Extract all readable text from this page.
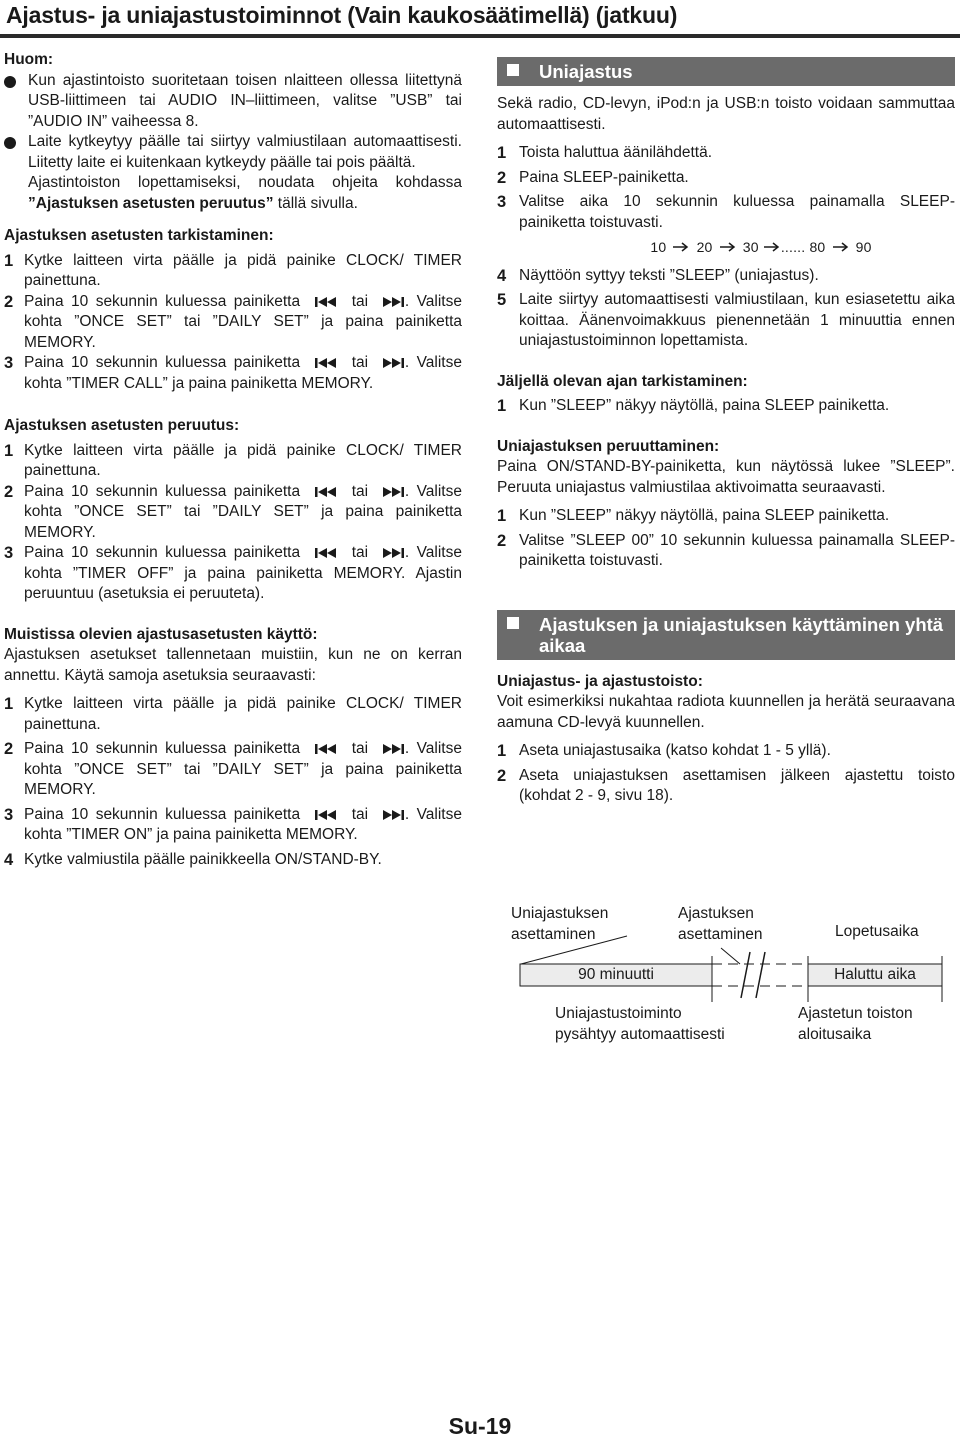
Ajastus- ja uniajastustoiminnot (Vain kaukosäätimellä) (jatkuu)
Huom:
Kun ajastintoisto suoritetaan toisen nlaitteen ollessa liitettynä USB-liittimeen tai AUDIO IN–liittimeen, valitse ”USB” tai ”AUDIO IN” vaiheessa 8.
Laite kytkeytyy päälle tai siirtyy valmiustilaan automaattisesti. Liitetty laite ei kuitenkaan kytkeydy päälle tai pois päältä.
Ajastintoiston lopettamiseksi, noudata ohjeita kohdassa ”Ajastuksen asetusten peruutus” tällä sivulla.
Ajastuksen asetusten tarkistaminen:
1 Kytke laitteen virta päälle ja pidä painike CLOCK/ TIMER painettuna.
2 Paina 10 sekunnin kuluessa painiketta	tai . Valitse kohta ”ONCE SET” tai ”DAILY SET” ja paina painiketta MEMORY.
3 Paina 10 sekunnin kuluessa painiketta	tai . Valitse kohta ”TIMER CALL” ja paina painiketta MEMORY.
Ajastuksen asetusten peruutus:
1 Kytke laitteen virta päälle ja pidä painike CLOCK/ TIMER painettuna.
2 Paina 10 sekunnin kuluessa painiketta	tai . Valitse kohta ”ONCE SET” tai ”DAILY SET” ja paina painiketta MEMORY.
3 Paina 10 sekunnin kuluessa painiketta	tai . Valitse kohta ”TIMER OFF” ja paina painiketta MEMORY. Ajastin peruuntuu (asetuksia ei peruuteta).
Muistissa olevien ajastusasetusten käyttö:
Ajastuksen asetukset tallennetaan muistiin, kun ne on kerran annettu. Käytä samoja asetuksia seuraavasti:
1 Kytke laitteen virta päälle ja pidä painike CLOCK/ TIMER painettuna.
2 Paina 10 sekunnin kuluessa painiketta	tai . Valitse kohta ”ONCE SET” tai ”DAILY SET” ja paina painiketta MEMORY.
3 Paina 10 sekunnin kuluessa painiketta	tai . Valitse kohta ”TIMER ON” ja paina painiketta MEMORY.
4 Kytke valmiustila päälle painikkeella ON/STAND-BY.
Uniajastus
Sekä radio, CD-levyn, iPod:n ja USB:n toisto voidaan sammuttaa automaattisesti.
1 Toista haluttua äänilähdettä.
2 Paina SLEEP-painiketta.
3 Valitse aika 10 sekunnin kuluessa painamalla SLEEP-painiketta toistuvasti.
10 20 30 ...... 80 90
4 Näyttöön syttyy teksti ”SLEEP” (uniajastus).
5 Laite siirtyy automaattisesti valmiustilaan, kun esiasetettu aika koittaa. Äänenvoimakkuus pienennetään 1 minuuttia ennen uniajastustoiminnon lopettamista.
Jäljellä olevan ajan tarkistaminen:
1 Kun ”SLEEP” näkyy näytöllä, paina SLEEP painiketta.
Uniajastuksen peruuttaminen:
Paina ON/STAND-BY-painiketta, kun näytössä lukee ”SLEEP”. Peruuta uniajastus valmiustilaa aktivoimatta seuraavasti.
1 Kun ”SLEEP” näkyy näytöllä, paina SLEEP painiketta.
2 Valitse ”SLEEP 00” 10 sekunnin kuluessa painamalla SLEEP-painiketta toistuvasti.
Ajastuksen ja uniajastuksen käyttäminen yhtä aikaa
Uniajastus- ja ajastustoisto:
Voit esimerkiksi nukahtaa radiota kuunnellen ja herätä seuraavana aamuna CD-levyä kuunnellen.
1 Aseta uniajastusaika (katso kohdat 1 - 5 yllä).
2 Aseta uniajastuksen asettamisen jälkeen ajastettu toisto (kohdat 2 - 9, sivu 18).
Uniajastuksen
asettaminen
Ajastuksen
asettaminen	Lopetusaika
90 minuutti	Haluttu aika
Uniajastustoiminto
pysähtyy automaattisesti
Ajastetun toiston
aloitusaika
Su-19
